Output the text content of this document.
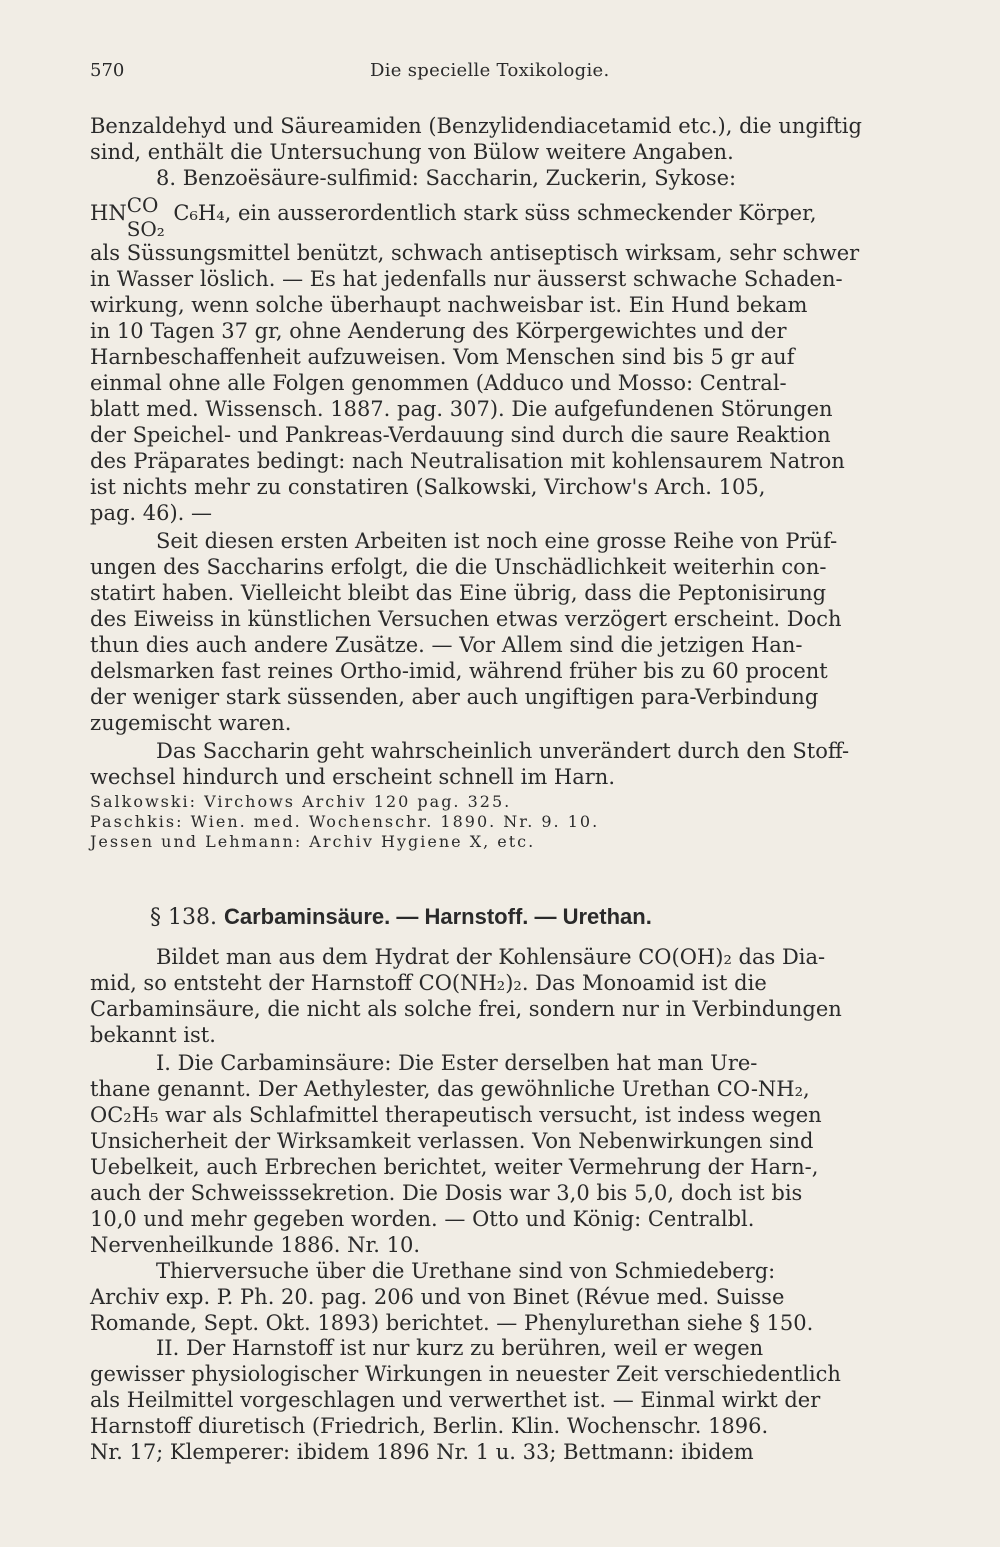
570	Die specielle Toxikologie.

Benzaldehyd und Säureamiden (Benzylidendiacetamid etc.), die ungiftig
sind, enthält die Untersuchung von Bülow weitere Angaben.

8. Benzoësäure-sulfimid: Saccharin, Zuckerin, Sykose:

HN CO
SO₂
C₆H₄, ein ausserordentlich stark süss schmeckender Körper,

als Süssungsmittel benützt, schwach antiseptisch wirksam, sehr schwer
in Wasser löslich. — Es hat jedenfalls nur äusserst schwache Schaden-
wirkung, wenn solche überhaupt nachweisbar ist. Ein Hund bekam
in 10 Tagen 37 gr, ohne Aenderung des Körpergewichtes und der
Harnbeschaffenheit aufzuweisen. Vom Menschen sind bis 5 gr auf
einmal ohne alle Folgen genommen (Adduco und Mosso: Central-
blatt med. Wissensch. 1887. pag. 307). Die aufgefundenen Störungen
der Speichel- und Pankreas-Verdauung sind durch die saure Reaktion
des Präparates bedingt: nach Neutralisation mit kohlensaurem Natron
ist nichts mehr zu constatiren (Salkowski, Virchow's Arch. 105,
pag. 46). —

Seit diesen ersten Arbeiten ist noch eine grosse Reihe von Prüf-
ungen des Saccharins erfolgt, die die Unschädlichkeit weiterhin con-
statirt haben. Vielleicht bleibt das Eine übrig, dass die Peptonisirung
des Eiweiss in künstlichen Versuchen etwas verzögert erscheint. Doch
thun dies auch andere Zusätze. — Vor Allem sind die jetzigen Han-
delsmarken fast reines Ortho-imid, während früher bis zu 60 procent
der weniger stark süssenden, aber auch ungiftigen para-Verbindung
zugemischt waren.

Das Saccharin geht wahrscheinlich unverändert durch den Stoff-
wechsel hindurch und erscheint schnell im Harn.

Salkowski: Virchows Archiv 120 pag. 325.
Paschkis: Wien. med. Wochenschr. 1890. Nr. 9. 10.
Jessen und Lehmann: Archiv Hygiene X, etc.
§ 138. Carbaminsäure. — Harnstoff. — Urethan.

Bildet man aus dem Hydrat der Kohlensäure CO(OH)₂ das Dia-
mid, so entsteht der Harnstoff CO(NH₂)₂. Das Monoamid ist die
Carbaminsäure, die nicht als solche frei, sondern nur in Verbindungen
bekannt ist.

I. Die Carbaminsäure: Die Ester derselben hat man Ure-
thane genannt. Der Aethylester, das gewöhnliche Urethan CO-NH₂,
OC₂H₅ war als Schlafmittel therapeutisch versucht, ist indess wegen
Unsicherheit der Wirksamkeit verlassen. Von Nebenwirkungen sind
Uebelkeit, auch Erbrechen berichtet, weiter Vermehrung der Harn-,
auch der Schweisssekretion. Die Dosis war 3,0 bis 5,0, doch ist bis
10,0 und mehr gegeben worden. — Otto und König: Centralbl.
Nervenheilkunde 1886. Nr. 10.

Thierversuche über die Urethane sind von Schmiedeberg:
Archiv exp. P. Ph. 20. pag. 206 und von Binet (Révue med. Suisse
Romande, Sept. Okt. 1893) berichtet. — Phenylurethan siehe § 150.

II. Der Harnstoff ist nur kurz zu berühren, weil er wegen
gewisser physiologischer Wirkungen in neuester Zeit verschiedentlich
als Heilmittel vorgeschlagen und verwerthet ist. — Einmal wirkt der
Harnstoff diuretisch (Friedrich, Berlin. Klin. Wochenschr. 1896.
Nr. 17; Klemperer: ibidem 1896 Nr. 1 u. 33; Bettmann: ibidem
